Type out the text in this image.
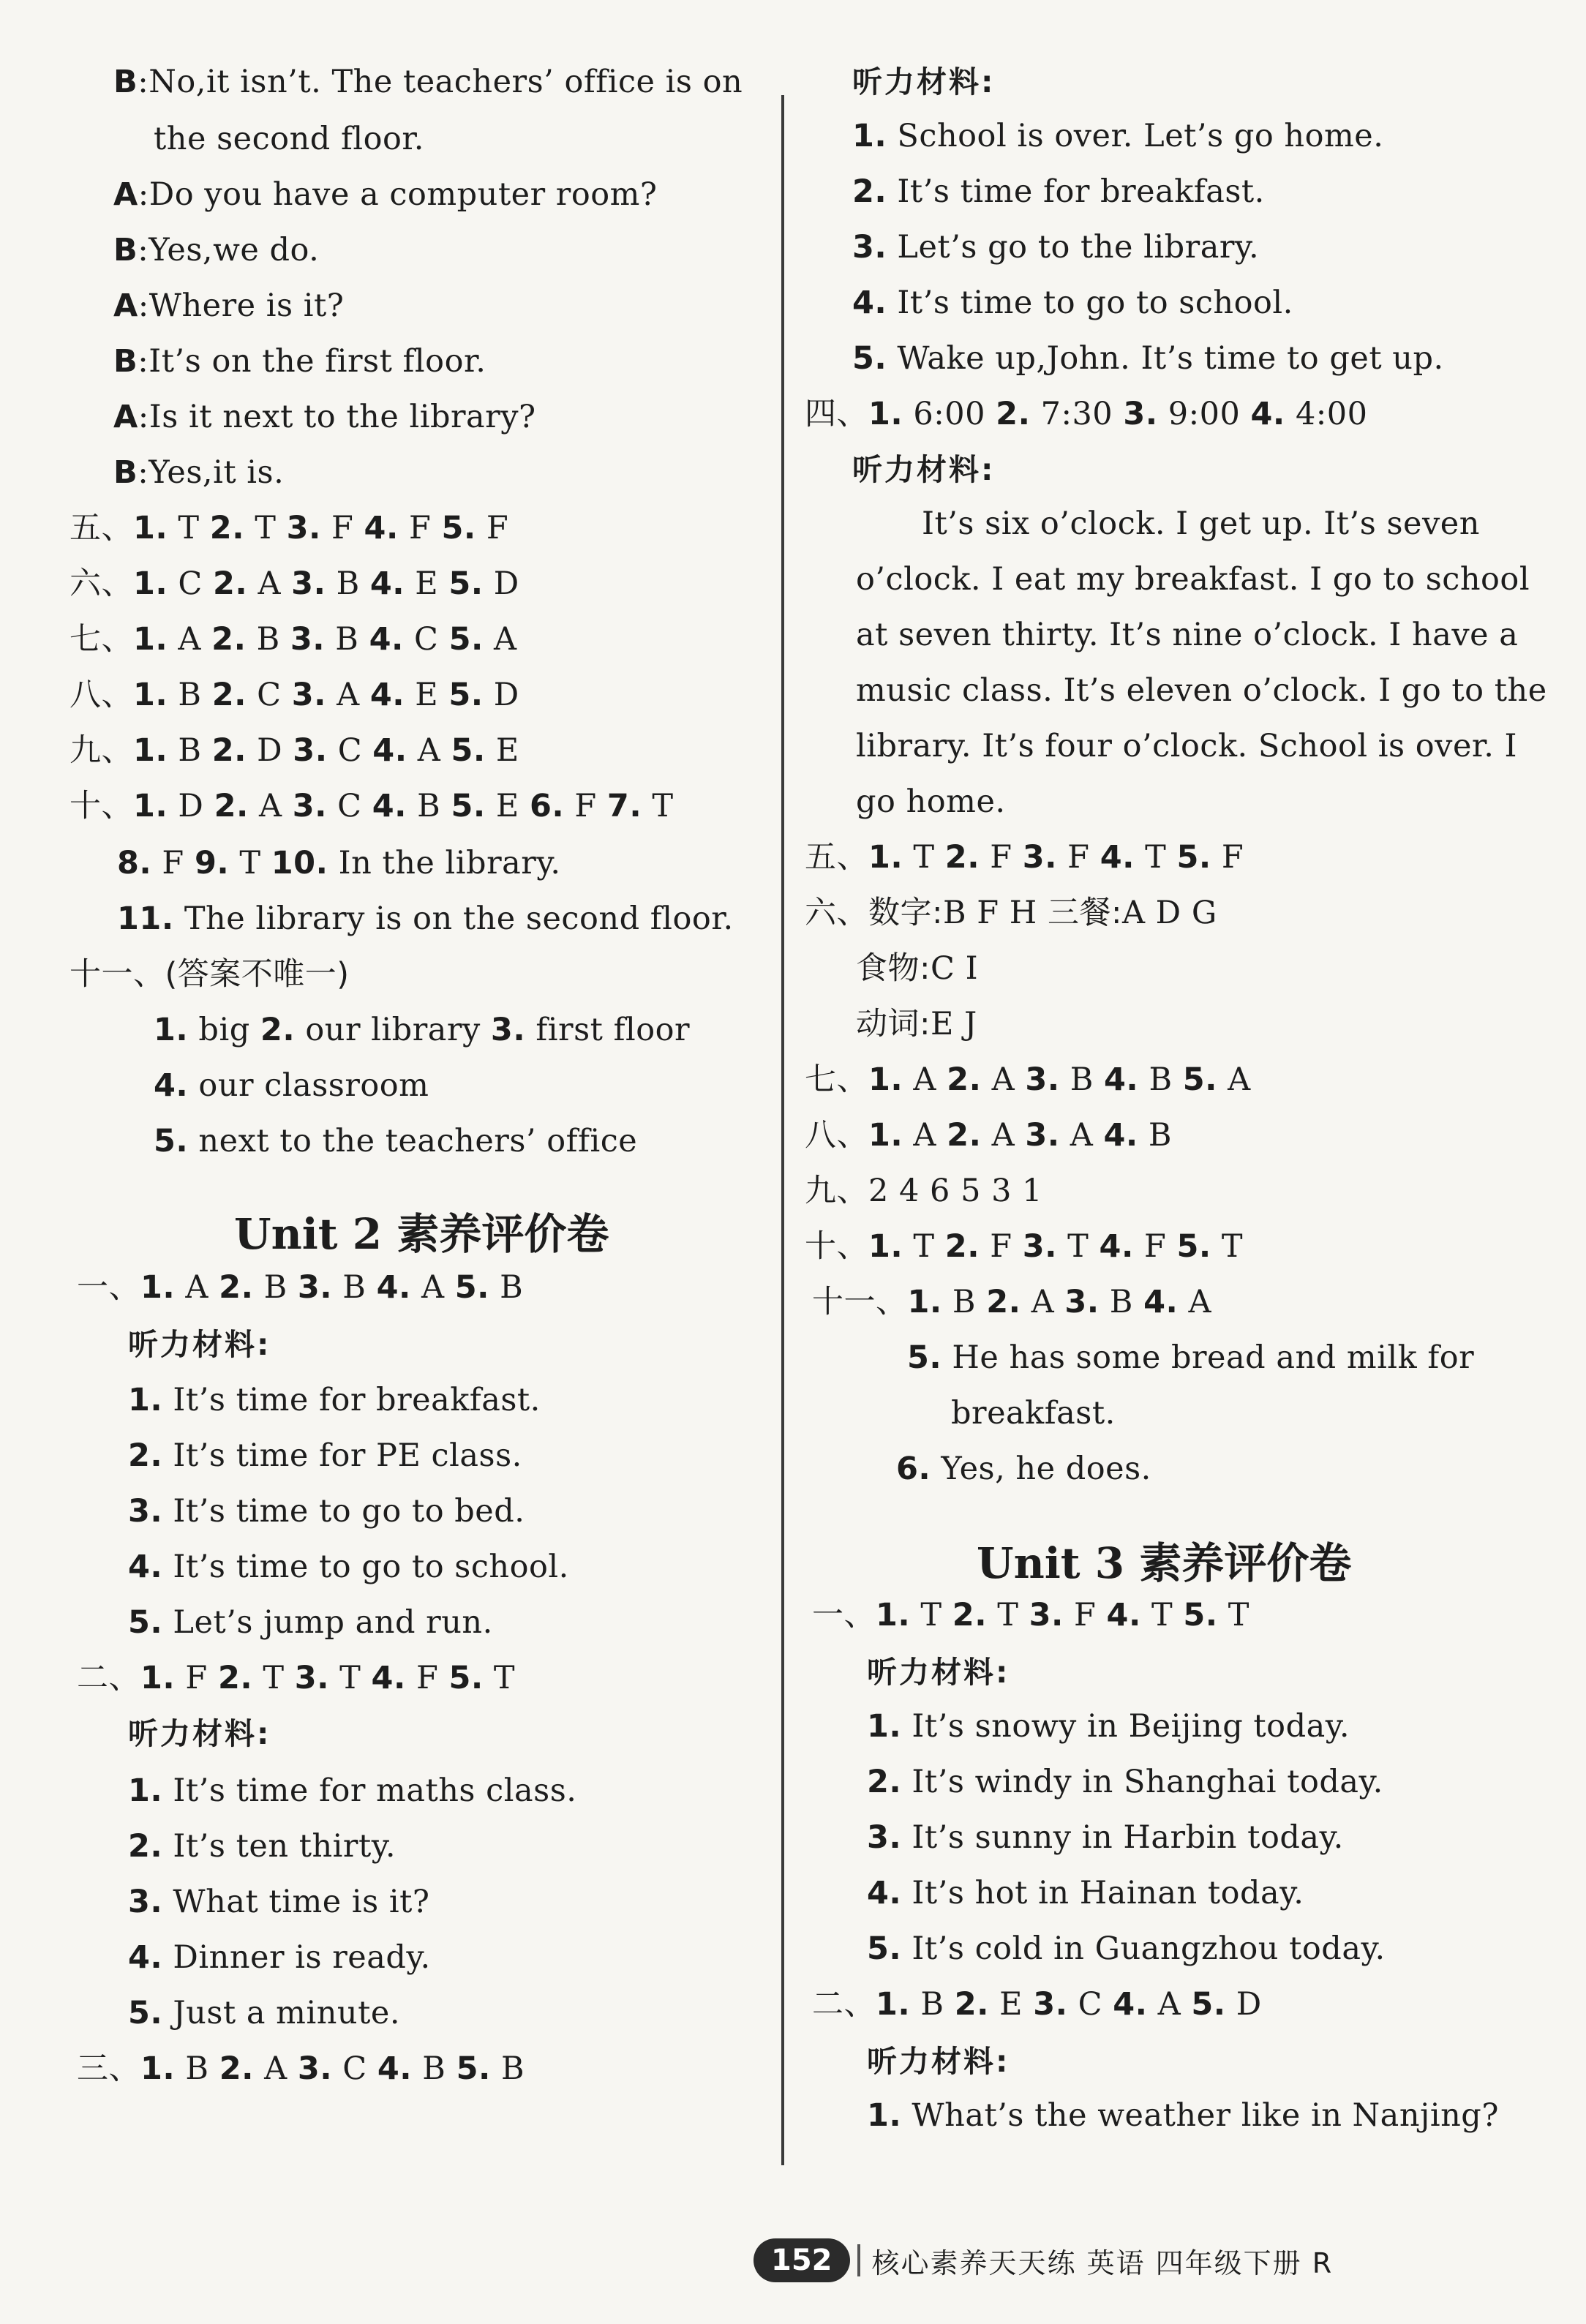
B:No,it isn’t. The teachers’ office is on
the second floor.
A:Do you have a computer room?
B:Yes,we do.
A:Where is it?
B:It’s on the first floor.
A:Is it next to the library?
B:Yes,it is.
五、1. T 2. T 3. F 4. F 5. F
六、1. C 2. A 3. B 4. E 5. D
七、1. A 2. B 3. B 4. C 5. A
八、1. B 2. C 3. A 4. E 5. D
九、1. B 2. D 3. C 4. A 5. E
十、1. D 2. A 3. C 4. B 5. E 6. F 7. T
8. F 9. T 10. In the library.
11. The library is on the second floor.
十一、(答案不唯一)
1. big 2. our library 3. first floor
4. our classroom
5. next to the teachers’ office
一、1. A 2. B 3. B 4. A 5. B
听力材料:
1. It’s time for breakfast.
2. It’s time for PE class.
3. It’s time to go to bed.
4. It’s time to go to school.
5. Let’s jump and run.
二、1. F 2. T 3. T 4. F 5. T
听力材料:
1. It’s time for maths class.
2. It’s ten thirty.
3. What time is it?
4. Dinner is ready.
5. Just a minute.
三、1. B 2. A 3. C 4. B 5. B
听力材料:
1. School is over. Let’s go home.
2. It’s time for breakfast.
3. Let’s go to the library.
4. It’s time to go to school.
5. Wake up,John. It’s time to get up.
四、1. 6:00 2. 7:30 3. 9:00 4. 4:00
听力材料:
It’s six o’clock. I get up. It’s seven
o’clock. I eat my breakfast. I go to school
at seven thirty. It’s nine o’clock. I have a
music class. It’s eleven o’clock. I go to the
library. It’s four o’clock. School is over. I
go home.
五、1. T 2. F 3. F 4. T 5. F
六、数字:B F H 三餐:A D G
食物:C I
动词:E J
七、1. A 2. A 3. B 4. B 5. A
八、1. A 2. A 3. A 4. B
九、2 4 6 5 3 1
十、1. T 2. F 3. T 4. F 5. T
十一、1. B 2. A 3. B 4. A
5. He has some bread and milk for
breakfast.
6. Yes, he does.
一、1. T 2. T 3. F 4. T 5. T
听力材料:
1. It’s snowy in Beijing today.
2. It’s windy in Shanghai today.
3. It’s sunny in Harbin today.
4. It’s hot in Hainan today.
5. It’s cold in Guangzhou today.
二、1. B 2. E 3. C 4. A 5. D
听力材料:
1. What’s the weather like in Nanjing?
Unit 2 素养评价卷
Unit 3 素养评价卷
152	核心素养天天练 英语 四年级下册 R
